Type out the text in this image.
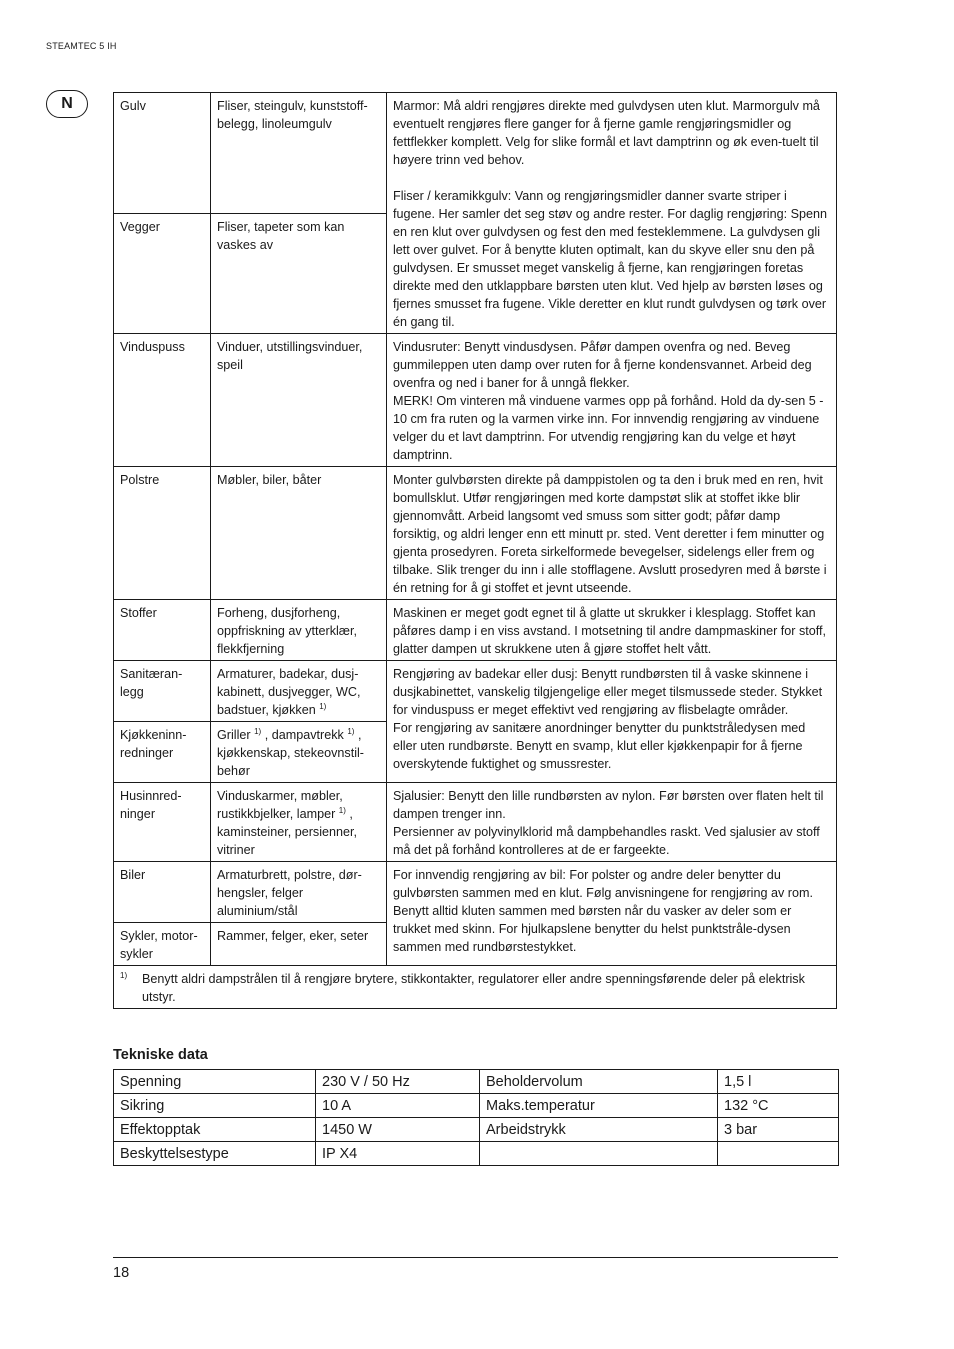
STEAMTEC 5 IH
N	Gulv	Fliser, steingulv, kunststoff-belegg, linoleumgulv	Marmor: Må aldri rengjøres direkte med gulvdysen uten klut. Marmorgulv må eventuelt rengjøres flere ganger for å fjerne gamle rengjøringsmidler og fettflekker komplett. Velg for slike formål et lavt damptrinn og øk even-tuelt til høyere trinn ved behov.

Fliser / keramikkgulv: Vann og rengjøringsmidler danner svarte striper i fugene. Her samler det seg støv og andre rester. For daglig rengjøring: Spenn en ren klut over gulvdysen og fest den med festeklemmene. La gulvdysen gli lett over gulvet. For å benytte kluten optimalt, kan du skyve eller snu den på gulvdysen. Er smusset meget vanskelig å fjerne, kan rengjøringen foretas direkte med den utklappbare børsten uten klut. Ved hjelp av børsten løses og fjernes smusset fra fugene. Vikle deretter en klut rundt gulvdysen og tørk over én gang til.

Vegger	Fliser, tapeter som kan vaskes av	
Vinduspuss	Vinduer, utstillingsvinduer, speil	Vindusruter: Benytt vindusdysen. Påfør dampen ovenfra og ned. Beveg gummileppen uten damp over ruten for å fjerne kondensvannet. Arbeid deg ovenfra og ned i baner for å unngå flekker.

MERK! Om vinteren må vinduene varmes opp på forhånd. Hold da dy-sen 5 - 10 cm fra ruten og la varmen virke inn. For innvendig rengjøring av vinduene velger du et lavt damptrinn. For utvendig rengjøring kan du velge et høyt damptrinn.

Polstre	Møbler, biler, båter	Monter gulvbørsten direkte på damppistolen og ta den i bruk med en ren, hvit bomullsklut. Utfør rengjøringen med korte dampstøt slik at stoffet ikke blir gjennomvått. Arbeid langsomt ved smuss som sitter godt; påfør damp forsiktig, og aldri lenger enn ett minutt pr. sted. Vent deretter i fem minutter og gjenta prosedyren. Foreta sirkelformede bevegelser, sidelengs eller frem og tilbake. Slik trenger du inn i alle stofflagene. Avslutt prosedyren med å børste i én retning for å gi stoffet et jevnt utseende.
Stoffer	Forheng, dusjforheng, oppfriskning av ytterklær, flekkfjerning	Maskinen er meget godt egnet til å glatte ut skrukker i klesplagg. Stoffet kan påføres damp i en viss avstand. I motsetning til andre dampmaskiner for stoff, glatter dampen ut skrukkene uten å gjøre stoffet helt vått.
Sanitæran-legg	Armaturer, badekar, dusj-kabinett, dusjvegger, WC, badstuer, kjøkken $^{1)}$	Rengjøring av badekar eller dusj: Benytt rundbørsten til å vaske skinnene i dusjkabinettet, vanskelig tilgjengelige eller meget tilsmussede steder. Stykket for vinduspuss er meget effektivt ved rengjøring av flisbelagte områder.

For rengjøring av sanitære anordninger benytter du punktstråledysen med eller uten rundbørste. Benytt en svamp, klut eller kjøkkenpapir for å fjerne overskytende fuktighet og smussrester.

Kjøkkeninn-redninger	Griller $^{1)}$ , dampavtrekk $^{1)}$ , kjøkkenskap, stekeovnstil-behør	
Husinnred-ninger	Vinduskarmer, møbler, rustikkbjelker, lamper $^{1)}$ , kaminsteiner, persienner, vitriner	Sjalusier: Benytt den lille rundbørsten av nylon. Før børsten over flaten helt til dampen trenger inn.

Persienner av polyvinylklorid må dampbehandles raskt. Ved sjalusier av stoff må det på forhånd kontrolleres at de er fargeekte.

Biler	Armaturbrett, polstre, dør-hengsler, felger aluminium/stål	For innvendig rengjøring av bil: For polster og andre deler benytter du gulvbørsten sammen med en klut. Følg anvisningene for rengjøring av rom. Benytt alltid kluten sammen med børsten når du vasker av deler som er trukket med skinn. For hjulkapslene benytter du helst punktstråle-dysen sammen med rundbørstestykket.
Sykler, motor-sykler	Rammer, felger, eker, seter	

1) Benytt aldri dampstrålen til å rengjøre brytere, stikkontakter, regulatorer eller andre spenningsførende deler på elektrisk utstyr.		
Tekniske data
Spenning	230 V / 50 Hz	Beholdervolum	1,5 l
Sikring	10 A	Maks.temperatur	132 °C
Effektopptak	1450 W	Arbeidstrykk	3 bar
Beskyttelsestype	IP X4		
18
